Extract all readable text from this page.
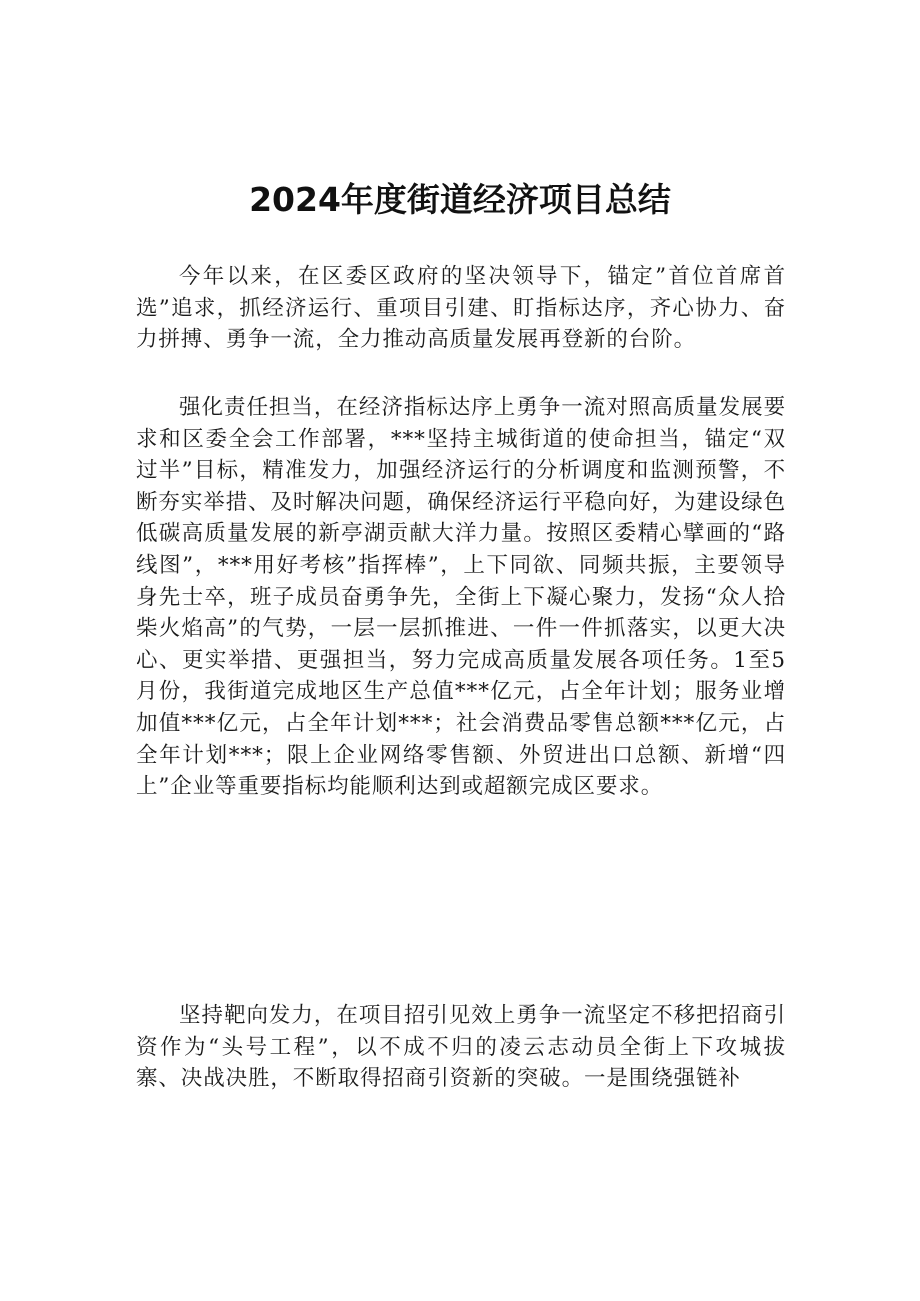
2024年度街道经济项目总结

今年以来，在区委区政府的坚决领导下，锚定”首位首席首选”追求，抓经济运行、重项目引建、盯指标达序，齐心协力、奋力拼搏、勇争一流，全力推动高质量发展再登新的台阶。

强化责任担当，在经济指标达序上勇争一流对照高质量发展要求和区委全会工作部署，***坚持主城街道的使命担当，锚定“双过半”目标，精准发力，加强经济运行的分析调度和监测预警，不断夯实举措、及时解决问题，确保经济运行平稳向好，为建设绿色低碳高质量发展的新亭湖贡献大洋力量。按照区委精心擘画的“路线图”，***用好考核”指挥棒”，上下同欲、同频共振，主要领导身先士卒，班子成员奋勇争先，全街上下凝心聚力，发扬“众人拾柴火焰高”的气势，一层一层抓推进、一件一件抓落实，以更大决心、更实举措、更强担当，努力完成高质量发展各项任务。1至5月份，我街道完成地区生产总值***亿元，占全年计划；服务业增加值***亿元，占全年计划***；社会消费品零售总额***亿元，占全年计划***；限上企业网络零售额、外贸进出口总额、新增“四上”企业等重要指标均能顺利达到或超额完成区要求。

坚持靶向发力，在项目招引见效上勇争一流坚定不移把招商引资作为“头号工程”，以不成不归的凌云志动员全街上下攻城拔寨、决战决胜，不断取得招商引资新的突破。一是围绕强链补
